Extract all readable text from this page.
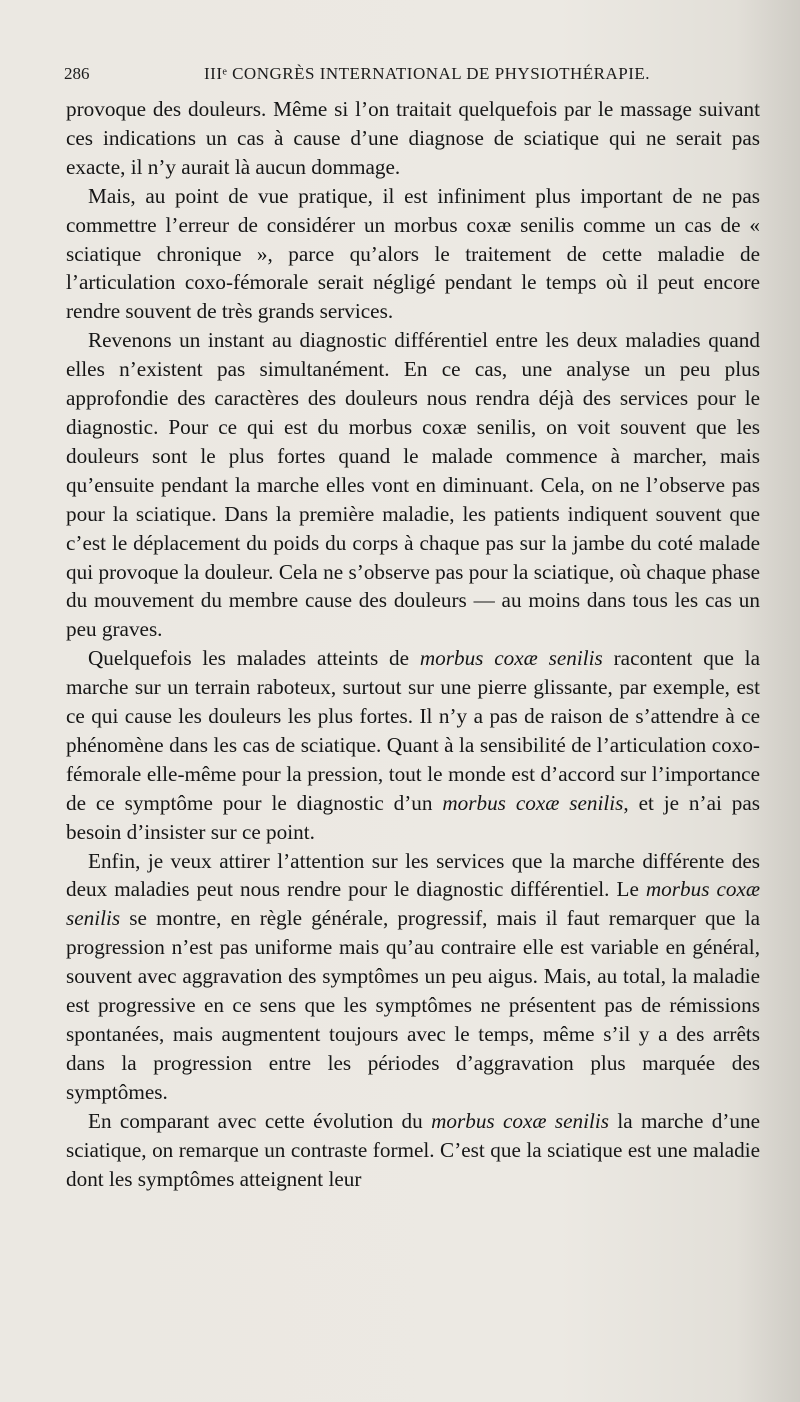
286	IIIᵉ CONGRÈS INTERNATIONAL DE PHYSIOTHÉRAPIE.

provoque des douleurs. Même si l’on traitait quelquefois par le massage suivant ces indications un cas à cause d’une diagnose de sciatique qui ne serait pas exacte, il n’y aurait là aucun dommage.

Mais, au point de vue pratique, il est infiniment plus important de ne pas commettre l’erreur de considérer un morbus coxæ senilis comme un cas de « sciatique chronique », parce qu’alors le traitement de cette maladie de l’articulation coxo-fémorale serait négligé pendant le temps où il peut encore rendre souvent de très grands services.

Revenons un instant au diagnostic différentiel entre les deux maladies quand elles n’existent pas simultanément. En ce cas, une analyse un peu plus approfondie des caractères des douleurs nous rendra déjà des services pour le diagnostic. Pour ce qui est du morbus coxæ senilis, on voit souvent que les douleurs sont le plus fortes quand le malade commence à marcher, mais qu’ensuite pendant la marche elles vont en diminuant. Cela, on ne l’observe pas pour la sciatique. Dans la première maladie, les patients indiquent souvent que c’est le déplacement du poids du corps à chaque pas sur la jambe du coté malade qui provoque la douleur. Cela ne s’observe pas pour la sciatique, où chaque phase du mouvement du membre cause des douleurs — au moins dans tous les cas un peu graves.

Quelquefois les malades atteints de morbus coxæ senilis racontent que la marche sur un terrain raboteux, surtout sur une pierre glissante, par exemple, est ce qui cause les douleurs les plus fortes. Il n’y a pas de raison de s’attendre à ce phénomène dans les cas de sciatique. Quant à la sensibilité de l’articulation coxo-fémorale elle-même pour la pression, tout le monde est d’accord sur l’importance de ce symptôme pour le diagnostic d’un morbus coxæ senilis, et je n’ai pas besoin d’insister sur ce point.

Enfin, je veux attirer l’attention sur les services que la marche différente des deux maladies peut nous rendre pour le diagnostic différentiel. Le morbus coxæ senilis se montre, en règle générale, progressif, mais il faut remarquer que la progression n’est pas uniforme mais qu’au contraire elle est variable en général, souvent avec aggravation des symptômes un peu aigus. Mais, au total, la maladie est progressive en ce sens que les symptômes ne présentent pas de rémissions spontanées, mais augmentent toujours avec le temps, même s’il y a des arrêts dans la progression entre les périodes d’aggravation plus marquée des symptômes.

En comparant avec cette évolution du morbus coxæ senilis la marche d’une sciatique, on remarque un contraste formel. C’est que la sciatique est une maladie dont les symptômes atteignent leur
